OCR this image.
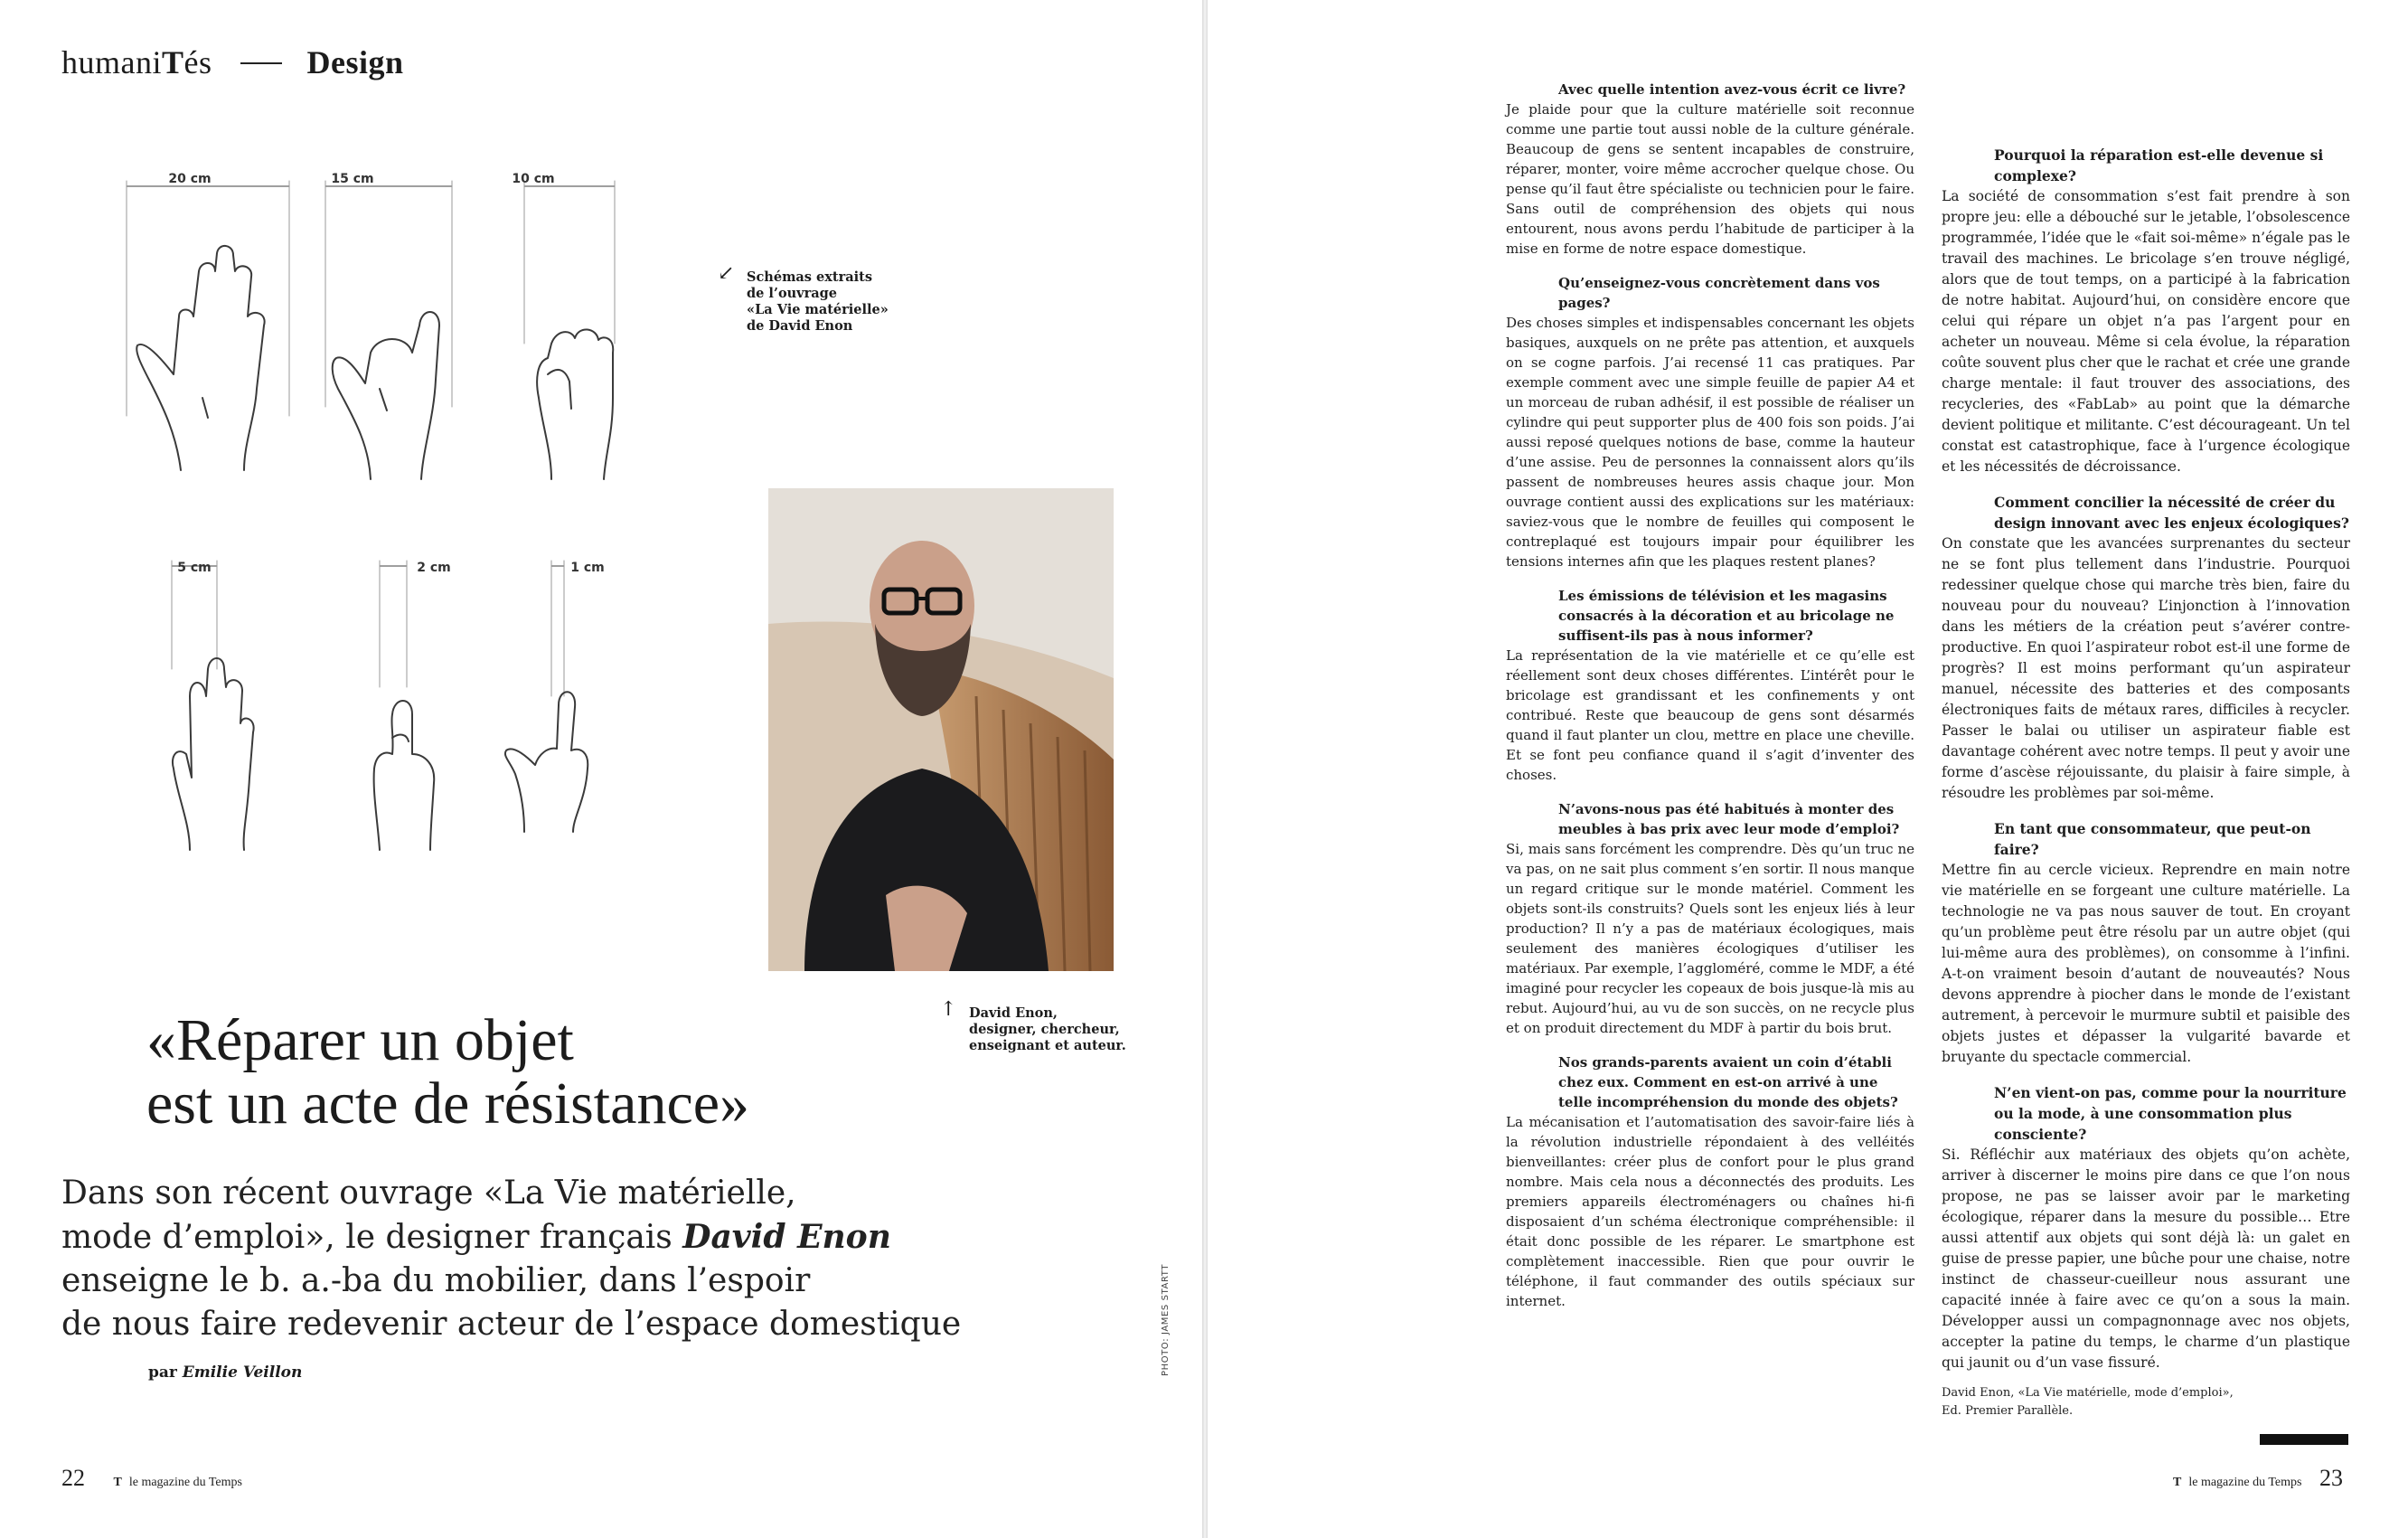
humaniTés	Design
20 cm	15 cm	10 cm
5 cm	2 cm	1 cm
↙ Schémas extraits
de l’ouvrage
«La Vie matérielle»
de David Enon
↑ David Enon,
designer, chercheur,
enseignant et auteur.
PHOTO: JAMES STARTT
«Réparer un objet
est un acte de résistance»
Dans son récent ouvrage «La Vie matérielle,
mode d’emploi», le designer français David Enon
enseigne le b. a.-ba du mobilier, dans l’espoir
de nous faire redevenir acteur de l’espace domestique
par Emilie Veillon
22 T le magazine du Temps
Avec quelle intention avez-vous écrit ce livre?
Je plaide pour que la culture matérielle soit reconnue comme une partie tout aussi noble de la culture générale. Beaucoup de gens se sentent incapables de construire, réparer, monter, voire même accrocher quelque chose. Ou pense qu’il faut être spécialiste ou technicien pour le faire. Sans outil de compréhension des objets qui nous entourent, nous avons perdu l’habitude de participer à la mise en forme de notre espace domestique.
Qu’enseignez-vous concrètement dans vos pages?
Des choses simples et indispensables concernant les objets basiques, auxquels on ne prête pas attention, et auxquels on se cogne parfois. J’ai recensé 11 cas pratiques. Par exemple comment avec une simple feuille de papier A4 et un morceau de ruban adhésif, il est possible de réaliser un cylindre qui peut supporter plus de 400 fois son poids. J’ai aussi reposé quelques notions de base, comme la hauteur d’une assise. Peu de personnes la connaissent alors qu’ils passent de nombreuses heures assis chaque jour. Mon ouvrage contient aussi des explications sur les matériaux: saviez-vous que le nombre de feuilles qui composent le contreplaqué est toujours impair pour équilibrer les tensions internes afin que les plaques restent planes?
Les émissions de télévision et les magasins consacrés à la décoration et au bricolage ne suffisent-ils pas à nous informer?
La représentation de la vie matérielle et ce qu’elle est réellement sont deux choses différentes. L’intérêt pour le bricolage est grandissant et les confinements y ont contribué. Reste que beaucoup de gens sont désarmés quand il faut planter un clou, mettre en place une cheville. Et se font peu confiance quand il s’agit d’inventer des choses.
N’avons-nous pas été habitués à monter des meubles à bas prix avec leur mode d’emploi?
Si, mais sans forcément les comprendre. Dès qu’un truc ne va pas, on ne sait plus comment s’en sortir. Il nous manque un regard critique sur le monde matériel. Comment les objets sont-ils construits? Quels sont les enjeux liés à leur production? Il n’y a pas de matériaux écologiques, mais seulement des manières écologiques d’utiliser les matériaux. Par exemple, l’aggloméré, comme le MDF, a été imaginé pour recycler les copeaux de bois jusque-là mis au rebut. Aujourd’hui, au vu de son succès, on ne recycle plus et on produit directement du MDF à partir du bois brut.
Nos grands-parents avaient un coin d’établi chez eux. Comment en est-on arrivé à une telle incompréhension du monde des objets?
La mécanisation et l’automatisation des savoir-faire liés à la révolution industrielle répondaient à des velléités bienveillantes: créer plus de confort pour le plus grand nombre. Mais cela nous a déconnectés des produits. Les premiers appareils électroménagers ou chaînes hi-fi disposaient d’un schéma électronique compréhensible: il était donc possible de les réparer. Le smartphone est complètement inaccessible. Rien que pour ouvrir le téléphone, il faut commander des outils spéciaux sur internet.
Pourquoi la réparation est-elle devenue si complexe?
La société de consommation s’est fait prendre à son propre jeu: elle a débouché sur le jetable, l’obsolescence programmée, l’idée que le «fait soi-même» n’égale pas le travail des machines. Le bricolage s’en trouve négligé, alors que de tout temps, on a participé à la fabrication de notre habitat. Aujourd’hui, on considère encore que celui qui répare un objet n’a pas l’argent pour en acheter un nouveau. Même si cela évolue, la réparation coûte souvent plus cher que le rachat et crée une grande charge mentale: il faut trouver des associations, des recycleries, des «FabLab» au point que la démarche devient politique et militante. C’est décourageant. Un tel constat est catastrophique, face à l’urgence écologique et les nécessités de décroissance.
Comment concilier la nécessité de créer du design innovant avec les enjeux écologiques?
On constate que les avancées surprenantes du secteur ne se font plus tellement dans l’industrie. Pourquoi redessiner quelque chose qui marche très bien, faire du nouveau pour du nouveau? L’injonction à l’innovation dans les métiers de la création peut s’avérer contre-productive. En quoi l’aspirateur robot est-il une forme de progrès? Il est moins performant qu’un aspirateur manuel, nécessite des batteries et des composants électroniques faits de métaux rares, difficiles à recycler. Passer le balai ou utiliser un aspirateur fiable est davantage cohérent avec notre temps. Il peut y avoir une forme d’ascèse réjouissante, du plaisir à faire simple, à résoudre les problèmes par soi-même.
En tant que consommateur, que peut-on faire?
Mettre fin au cercle vicieux. Reprendre en main notre vie matérielle en se forgeant une culture matérielle. La technologie ne va pas nous sauver de tout. En croyant qu’un problème peut être résolu par un autre objet (qui lui-même aura des problèmes), on consomme à l’infini. A-t-on vraiment besoin d’autant de nouveautés? Nous devons apprendre à piocher dans le monde de l’existant autrement, à percevoir le murmure subtil et paisible des objets justes et dépasser la vulgarité bavarde et bruyante du spectacle commercial.
N’en vient-on pas, comme pour la nourriture ou la mode, à une consommation plus consciente?
Si. Réfléchir aux matériaux des objets qu’on achète, arriver à discerner le moins pire dans ce que l’on nous propose, ne pas se laisser avoir par le marketing écologique, réparer dans la mesure du possible… Etre aussi attentif aux objets qui sont déjà là: un galet en guise de presse papier, une bûche pour une chaise, notre instinct de chasseur-cueilleur nous assurant une capacité innée à faire avec ce qu’on a sous la main. Développer aussi un compagnonnage avec nos objets, accepter la patine du temps, le charme d’un plastique qui jaunit ou d’un vase fissuré.
David Enon, «La Vie matérielle, mode d’emploi»,
Ed. Premier Parallèle.
T le magazine du Temps 23
